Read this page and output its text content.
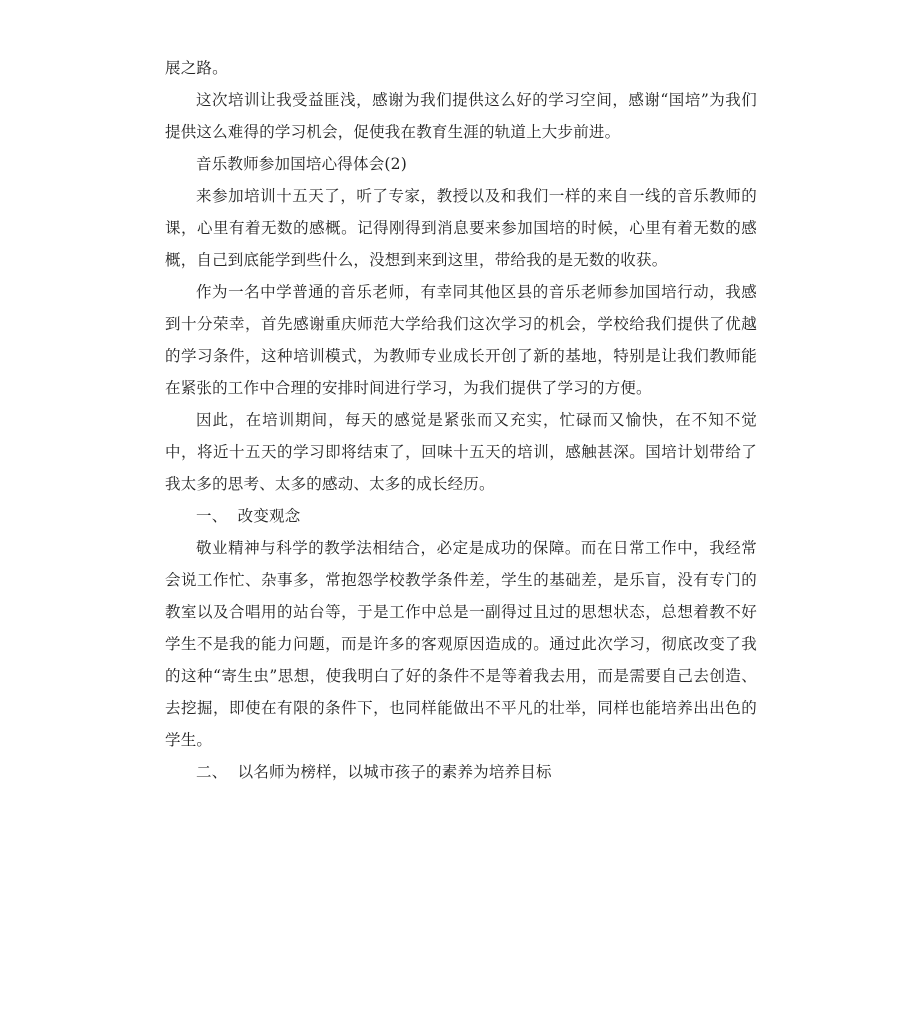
展之路。

这次培训让我受益匪浅，感谢为我们提供这么好的学习空间，感谢“国培”为我们提供这么难得的学习机会，促使我在教育生涯的轨道上大步前进。

音乐教师参加国培心得体会(2)

来参加培训十五天了，听了专家，教授以及和我们一样的来自一线的音乐教师的课，心里有着无数的感概。记得刚得到消息要来参加国培的时候，心里有着无数的感概，自己到底能学到些什么，没想到来到这里，带给我的是无数的收获。

作为一名中学普通的音乐老师，有幸同其他区县的音乐老师参加国培行动，我感到十分荣幸，首先感谢重庆师范大学给我们这次学习的机会，学校给我们提供了优越的学习条件，这种培训模式，为教师专业成长开创了新的基地，特别是让我们教师能在紧张的工作中合理的安排时间进行学习，为我们提供了学习的方便。

因此，在培训期间，每天的感觉是紧张而又充实，忙碌而又愉快，在不知不觉中，将近十五天的学习即将结束了，回味十五天的培训，感触甚深。国培计划带给了我太多的思考、太多的感动、太多的成长经历。

一、  改变观念

敬业精神与科学的教学法相结合，必定是成功的保障。而在日常工作中，我经常会说工作忙、杂事多，常抱怨学校教学条件差，学生的基础差，是乐盲，没有专门的教室以及合唱用的站台等，于是工作中总是一副得过且过的思想状态，总想着教不好学生不是我的能力问题，而是许多的客观原因造成的。通过此次学习，彻底改变了我的这种“寄生虫”思想，使我明白了好的条件不是等着我去用，而是需要自己去创造、去挖掘，即使在有限的条件下，也同样能做出不平凡的壮举，同样也能培养出出色的学生。

二、  以名师为榜样，以城市孩子的素养为培养目标
